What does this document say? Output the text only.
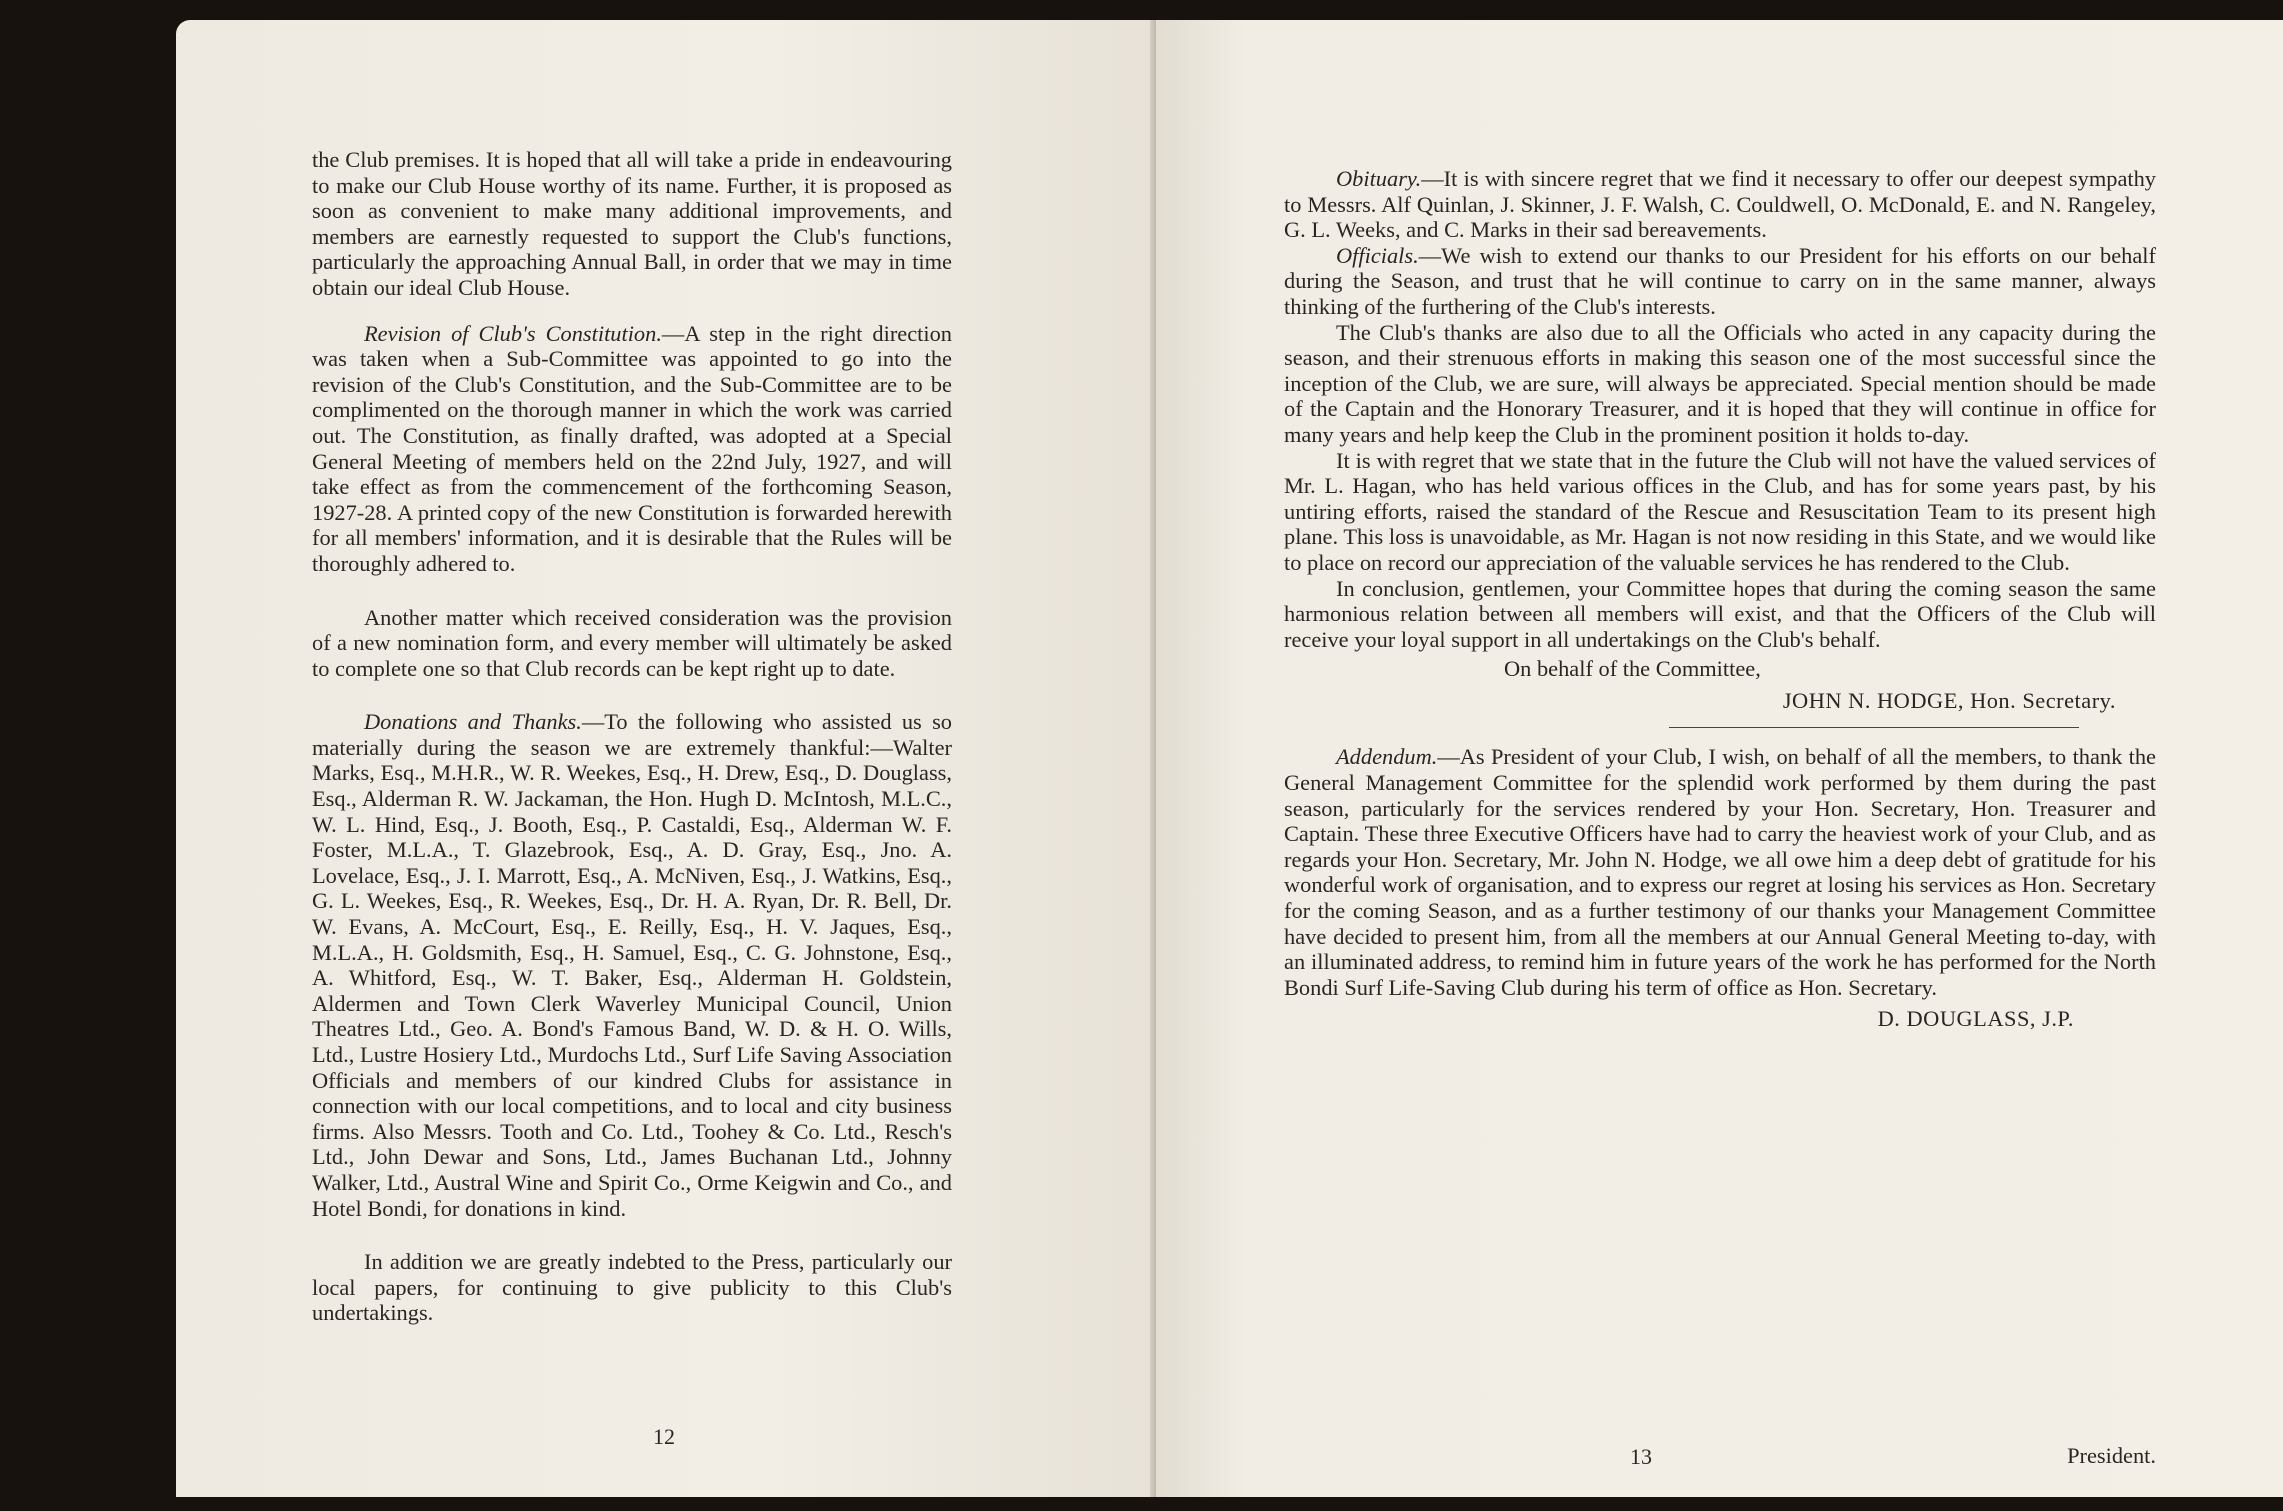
the Club premises. It is hoped that all will take a pride in endeavouring to make our Club House worthy of its name. Further, it is proposed as soon as convenient to make many additional improvements, and members are earnestly requested to support the Club's functions, particularly the approaching Annual Ball, in order that we may in time obtain our ideal Club House.

Revision of Club's Constitution.—A step in the right direction was taken when a Sub-Committee was appointed to go into the revision of the Club's Constitution, and the Sub-Committee are to be complimented on the thorough manner in which the work was carried out. The Constitution, as finally drafted, was adopted at a Special General Meeting of members held on the 22nd July, 1927, and will take effect as from the commencement of the forthcoming Season, 1927-28. A printed copy of the new Constitution is forwarded herewith for all members' information, and it is desirable that the Rules will be thoroughly adhered to.

Another matter which received consideration was the provision of a new nomination form, and every member will ultimately be asked to complete one so that Club records can be kept right up to date.

Donations and Thanks.—To the following who assisted us so materially during the season we are extremely thankful:—Walter Marks, Esq., M.H.R., W. R. Weekes, Esq., H. Drew, Esq., D. Douglass, Esq., Alderman R. W. Jackaman, the Hon. Hugh D. McIntosh, M.L.C., W. L. Hind, Esq., J. Booth, Esq., P. Castaldi, Esq., Alderman W. F. Foster, M.L.A., T. Glazebrook, Esq., A. D. Gray, Esq., Jno. A. Lovelace, Esq., J. I. Marrott, Esq., A. McNiven, Esq., J. Watkins, Esq., G. L. Weekes, Esq., R. Weekes, Esq., Dr. H. A. Ryan, Dr. R. Bell, Dr. W. Evans, A. McCourt, Esq., E. Reilly, Esq., H. V. Jaques, Esq., M.L.A., H. Goldsmith, Esq., H. Samuel, Esq., C. G. Johnstone, Esq., A. Whitford, Esq., W. T. Baker, Esq., Alderman H. Goldstein, Aldermen and Town Clerk Waverley Municipal Council, Union Theatres Ltd., Geo. A. Bond's Famous Band, W. D. & H. O. Wills, Ltd., Lustre Hosiery Ltd., Murdochs Ltd., Surf Life Saving Association Officials and members of our kindred Clubs for assistance in connection with our local competitions, and to local and city business firms. Also Messrs. Tooth and Co. Ltd., Toohey & Co. Ltd., Resch's Ltd., John Dewar and Sons, Ltd., James Buchanan Ltd., Johnny Walker, Ltd., Austral Wine and Spirit Co., Orme Keigwin and Co., and Hotel Bondi, for donations in kind.

In addition we are greatly indebted to the Press, particularly our local papers, for continuing to give publicity to this Club's undertakings.

12

Obituary.—It is with sincere regret that we find it necessary to offer our deepest sympathy to Messrs. Alf Quinlan, J. Skinner, J. F. Walsh, C. Couldwell, O. McDonald, E. and N. Rangeley, G. L. Weeks, and C. Marks in their sad bereavements.

Officials.—We wish to extend our thanks to our President for his efforts on our behalf during the Season, and trust that he will continue to carry on in the same manner, always thinking of the furthering of the Club's interests.

The Club's thanks are also due to all the Officials who acted in any capacity during the season, and their strenuous efforts in making this season one of the most successful since the inception of the Club, we are sure, will always be appreciated. Special mention should be made of the Captain and the Honorary Treasurer, and it is hoped that they will continue in office for many years and help keep the Club in the prominent position it holds to-day.

It is with regret that we state that in the future the Club will not have the valued services of Mr. L. Hagan, who has held various offices in the Club, and has for some years past, by his untiring efforts, raised the standard of the Rescue and Resuscitation Team to its present high plane. This loss is unavoidable, as Mr. Hagan is not now residing in this State, and we would like to place on record our appreciation of the valuable services he has rendered to the Club.

In conclusion, gentlemen, your Committee hopes that during the coming season the same harmonious relation between all members will exist, and that the Officers of the Club will receive your loyal support in all undertakings on the Club's behalf.

On behalf of the Committee,
JOHN N. HODGE, Hon. Secretary.

Addendum.—As President of your Club, I wish, on behalf of all the members, to thank the General Management Committee for the splendid work performed by them during the past season, particularly for the services rendered by your Hon. Secretary, Hon. Treasurer and Captain. These three Executive Officers have had to carry the heaviest work of your Club, and as regards your Hon. Secretary, Mr. John N. Hodge, we all owe him a deep debt of gratitude for his wonderful work of organisation, and to express our regret at losing his services as Hon. Secretary for the coming Season, and as a further testimony of our thanks your Management Committee have decided to present him, from all the members at our Annual General Meeting to-day, with an illuminated address, to remind him in future years of the work he has performed for the North Bondi Surf Life-Saving Club during his term of office as Hon. Secretary.

D. DOUGLASS, J.P.
President.
13
